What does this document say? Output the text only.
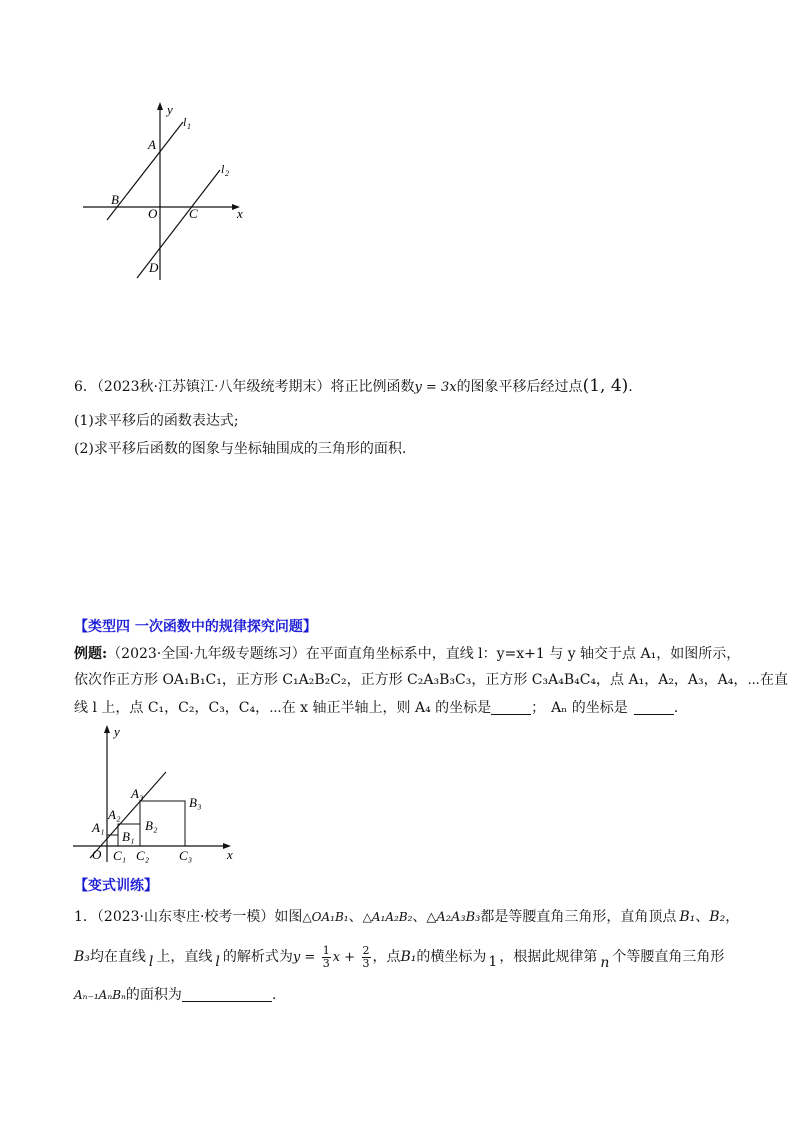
y
x
l 1
l 2
A
B
O C
D
6．（2023秋·江苏镇江·八年级统考期末）将正比例函数y = 3x的图象平移后经过点(1, 4).
(1)求平移后的函数表达式;
(2)求平移后函数的图象与坐标轴围成的三角形的面积.
【类型四 一次函数中的规律探究问题】
例题:（2023·全国·九年级专题练习）在平面直角坐标系中，直线 l：y=x+1 与 y 轴交于点 A₁，如图所示，
依次作正方形 OA₁B₁C₁，正方形 C₁A₂B₂C₂，正方形 C₂A₃B₃C₃，正方形 C₃A₄B₄C₄，点 A₁，A₂，A₃，A₄，⋯在直
线 l 上，点 C₁，C₂，C₃，C₄，⋯在 x 轴正半轴上，则 A₄ 的坐标是	； Aₙ 的坐标是	.
y
x
O
A₁
A₂
A₃
B₁
B₂
B₃
C₁ C₂ C₃
【变式训练】
1．（2023·山东枣庄·校考一模）如图△OA₁B₁、△A₁A₂B₂、△A₂A₃B₃都是等腰直角三角形，直角顶点 B₁、B₂，
B₃均在直线 l 上，直线 l 的解析式为$y = \frac{1}{3}$ $x + \frac{2}{3}$ ，点B₁的横坐标为 1 ，根据此规律第 n 个等腰直角三角形
Aₙ₋₁AₙBₙ的面积为	.
